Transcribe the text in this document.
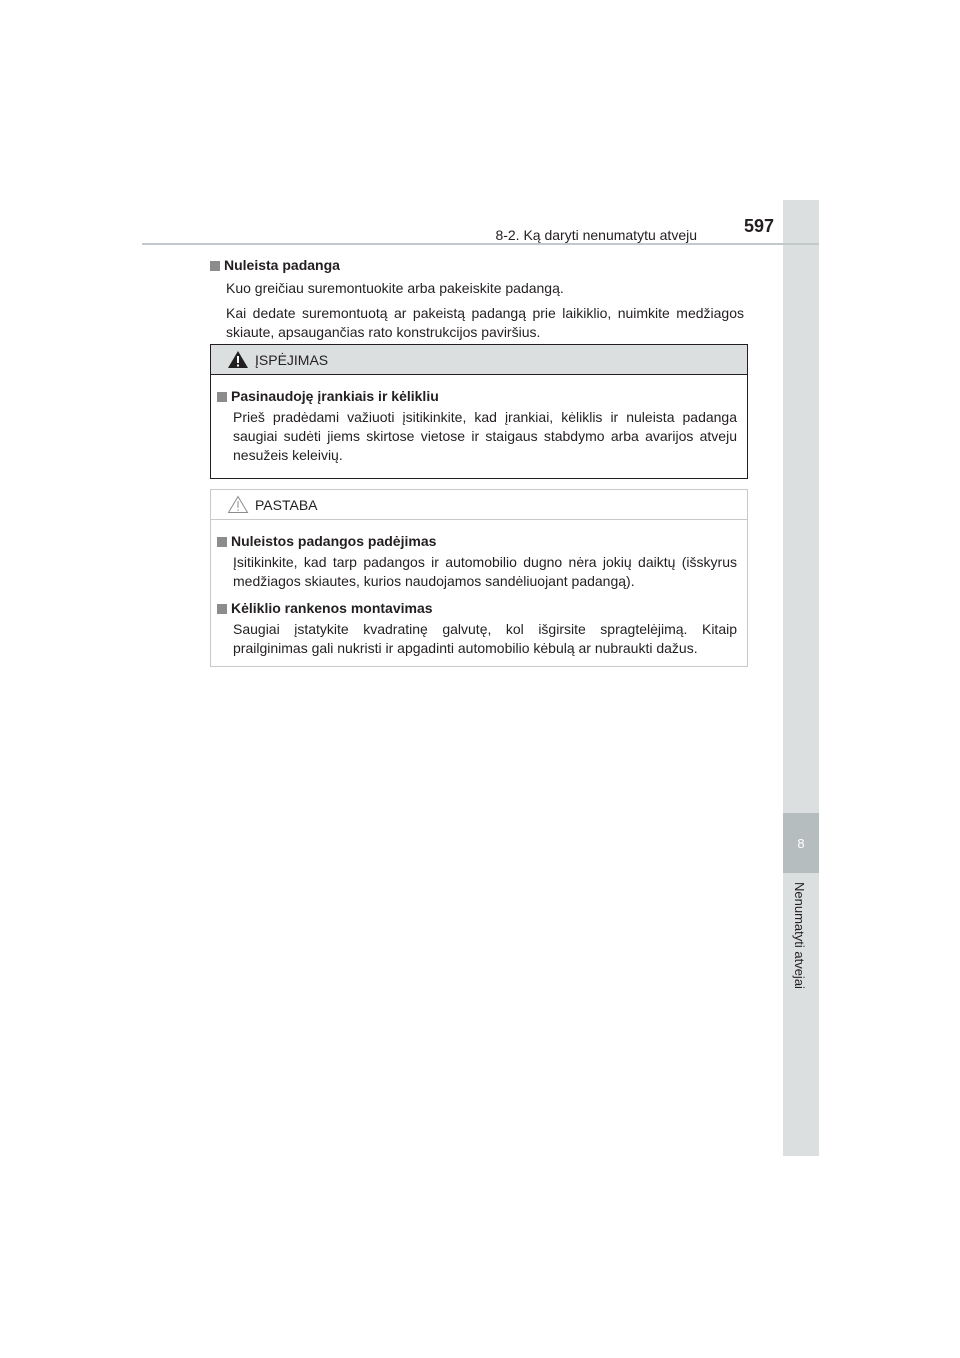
8
Nenumatyti atvejai
8-2. Ką daryti nenumatytu atveju	597
Nuleista padanga

Kuo greičiau suremontuokite arba pakeiskite padangą.

Kai dedate suremontuotą ar pakeistą padangą prie laikiklio, nuimkite medžiagos skiaute, apsaugančias rato konstrukcijos paviršius.

ĮSPĖJIMAS
Pasinaudoję įrankiais ir kėlikliu

Prieš pradėdami važiuoti įsitikinkite, kad įrankiai, kėliklis ir nuleista padanga saugiai sudėti jiems skirtose vietose ir staigaus stabdymo arba avarijos atveju nesužeis keleivių.

PASTABA
Nuleistos padangos padėjimas

Įsitikinkite, kad tarp padangos ir automobilio dugno nėra jokių daiktų (išskyrus medžiagos skiautes, kurios naudojamos sandėliuojant padangą).

Kėliklio rankenos montavimas

Saugiai įstatykite kvadratinę galvutę, kol išgirsite spragtelėjimą. Kitaip prailginimas gali nukristi ir apgadinti automobilio kėbulą ar nubraukti dažus.
